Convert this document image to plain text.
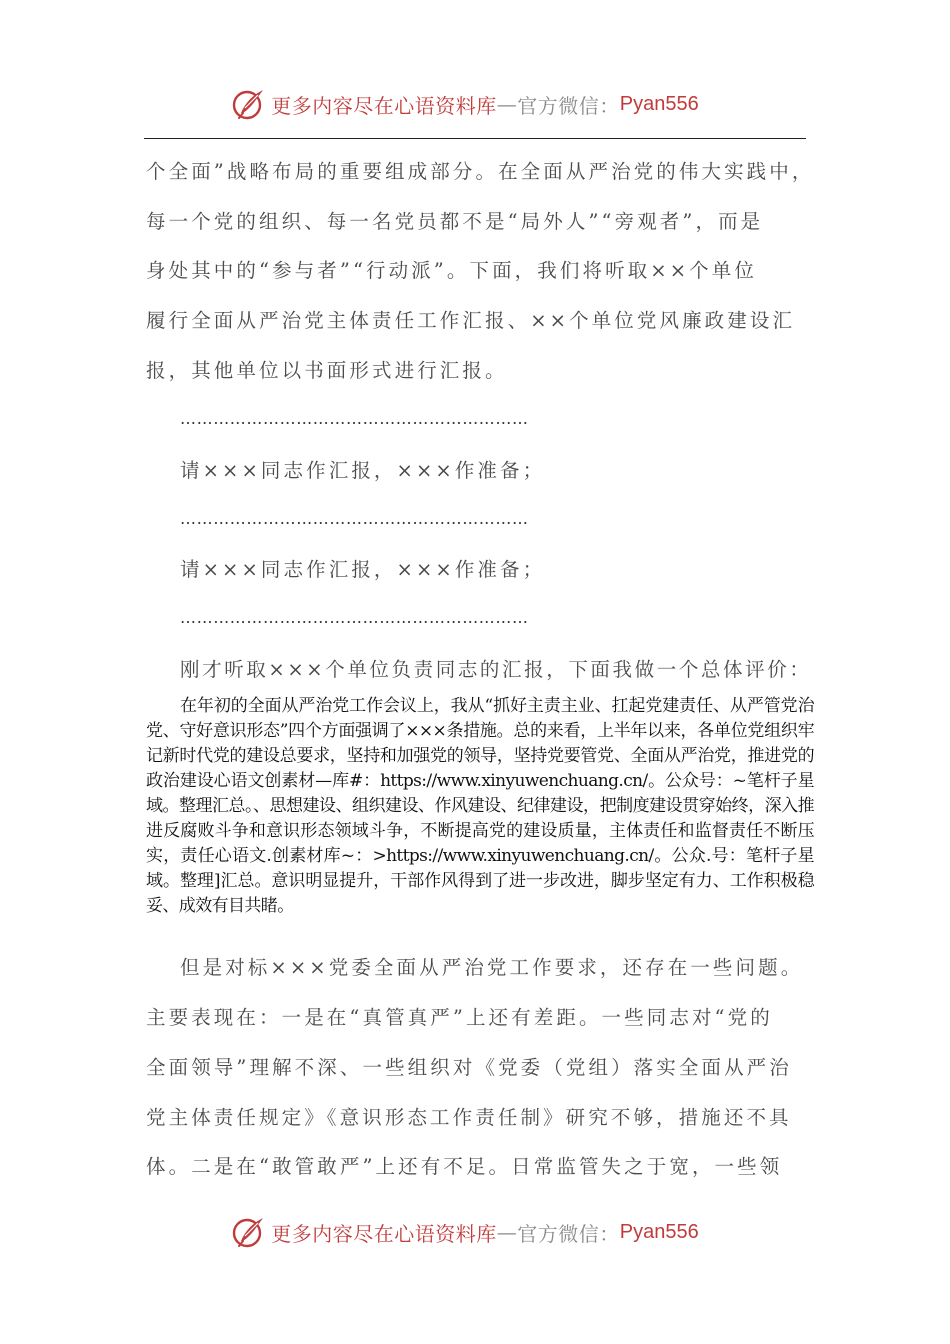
更多内容尽在心语资料库 — 官方微信： Pyan556
个全面”战略布局的重要组成部分。在全面从严治党的伟大实践中，
每一个党的组织、每一名党员都不是“局外人”“旁观者”，而是
身处其中的“参与者”“行动派”。下面，我们将听取××个单位
履行全面从严治党主体责任工作汇报、××个单位党风廉政建设汇
报，其他单位以书面形式进行汇报。
………………………………………………………
请×××同志作汇报，×××作准备；
………………………………………………………
请×××同志作汇报，×××作准备；
………………………………………………………
刚才听取×××个单位负责同志的汇报，下面我做一个总体评价：
在年初的全面从严治党工作会议上，我从“抓好主责主业、扛起党建责任、从严管党治党、守好意识形态”四个方面强调了×××条措施。总的来看，上半年以来，各单位党组织牢记新时代党的建设总要求，坚持和加强党的领导，坚持党要管党、全面从严治党，推进党的政治建设心语文创素材—库#：https://www.xinyuwenchuang.cn/。公众号：~笔杆子星域。整理汇总。、思想建设、组织建设、作风建设、纪律建设，把制度建设贯穿始终，深入推进反腐败斗争和意识形态领域斗争，不断提高党的建设质量，主体责任和监督责任不断压实，责任心语文.创素材库~：>https://www.xinyuwenchuang.cn/。公众.号：笔杆子星域。整理]汇总。意识明显提升，干部作风得到了进一步改进，脚步坚定有力、工作积极稳妥、成效有目共睹。
但是对标×××党委全面从严治党工作要求，还存在一些问题。
主要表现在：一是在“真管真严”上还有差距。一些同志对“党的
全面领导”理解不深、一些组织对《党委（党组）落实全面从严治
党主体责任规定》《意识形态工作责任制》研究不够，措施还不具
体。二是在“敢管敢严”上还有不足。日常监管失之于宽，一些领
更多内容尽在心语资料库 — 官方微信： Pyan556
